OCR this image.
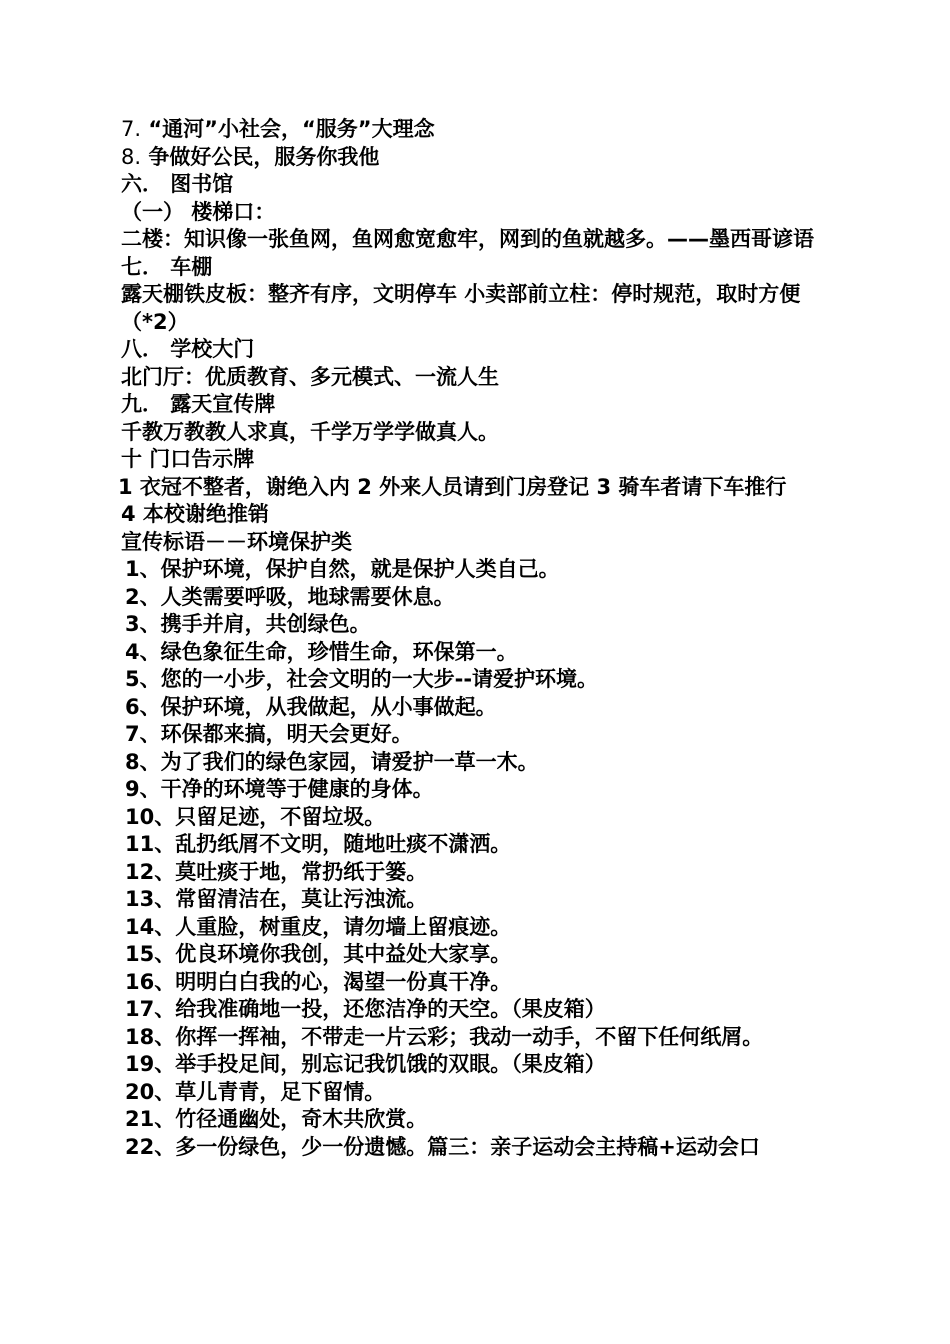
7. “通河”小社会，“服务”大理念
8. 争做好公民，服务你我他
六． 图书馆
（一） 楼梯口：
二楼：知识像一张鱼网，鱼网愈宽愈牢，网到的鱼就越多。——墨西哥谚语
七． 车棚
露天棚铁皮板：整齐有序，文明停车 小卖部前立柱：停时规范，取时方便（*2）
八． 学校大门
北门厅：优质教育、多元模式、一流人生
九． 露天宣传牌
千教万教教人求真，千学万学学做真人。
十 门口告示牌
1 衣冠不整者，谢绝入内 2 外来人员请到门房登记 3 骑车者请下车推行
4 本校谢绝推销
宣传标语－－环境保护类
1、保护环境，保护自然，就是保护人类自己。
2、人类需要呼吸，地球需要休息。
3、携手并肩，共创绿色。
4、绿色象征生命，珍惜生命，环保第一。
5、您的一小步，社会文明的一大步--请爱护环境。
6、保护环境，从我做起，从小事做起。
7、环保都来搞，明天会更好。
8、为了我们的绿色家园，请爱护一草一木。
9、干净的环境等于健康的身体。
10、只留足迹，不留垃圾。
11、乱扔纸屑不文明，随地吐痰不潇洒。
12、莫吐痰于地，常扔纸于篓。
13、常留清洁在，莫让污浊流。
14、人重脸，树重皮，请勿墙上留痕迹。
15、优良环境你我创，其中益处大家享。
16、明明白白我的心，渴望一份真干净。
17、给我准确地一投，还您洁净的天空。（果皮箱）
18、你挥一挥袖，不带走一片云彩；我动一动手，不留下任何纸屑。
19、举手投足间，别忘记我饥饿的双眼。（果皮箱）
20、草儿青青，足下留情。
21、竹径通幽处，奇木共欣赏。
22、多一份绿色，少一份遗憾。篇三：亲子运动会主持稿+运动会口
